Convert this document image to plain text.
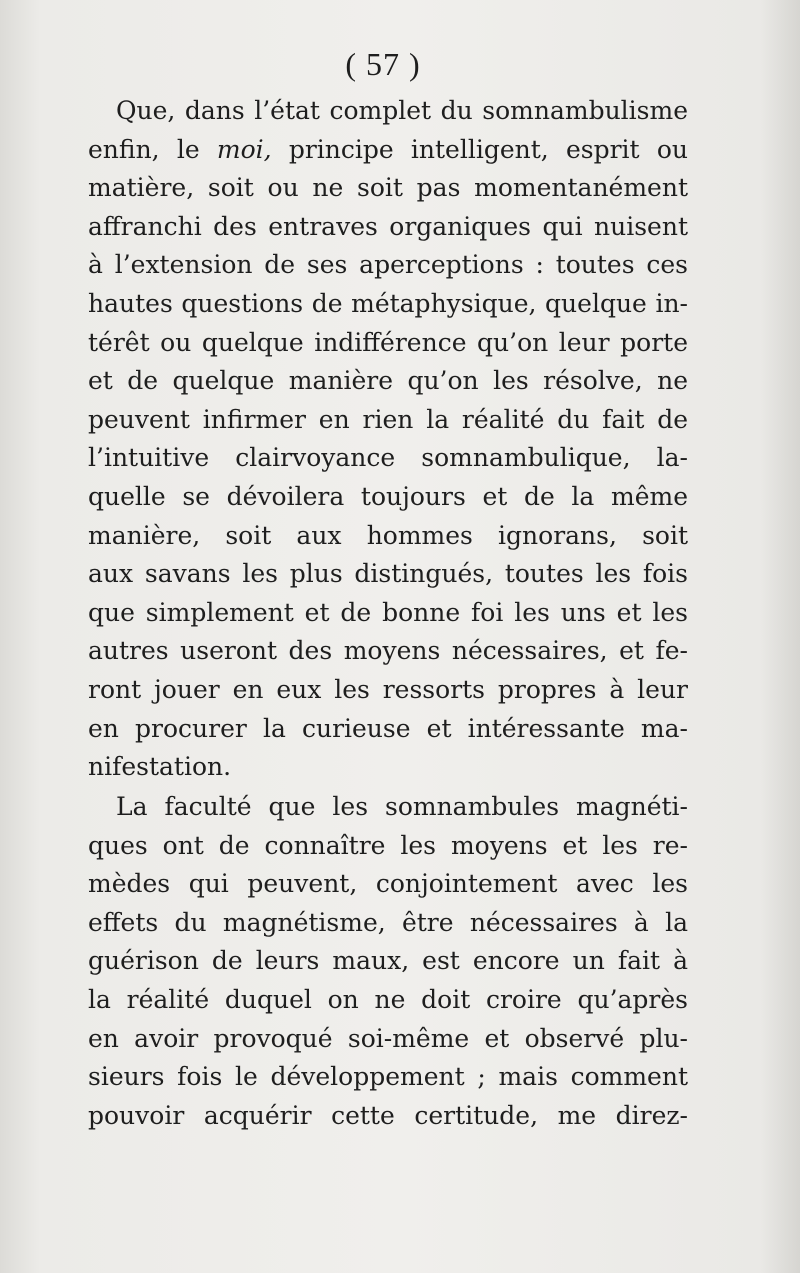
( 57 )
Que, dans l’état complet du somnambulisme
enfin, le moi, principe intelligent, esprit ou
matière, soit ou ne soit pas momentanément
affranchi des entraves organiques qui nuisent
à l’extension de ses aperceptions : toutes ces
hautes questions de métaphysique, quelque in-
térêt ou quelque indifférence qu’on leur porte
et de quelque manière qu’on les résolve, ne
peuvent infirmer en rien la réalité du fait de
l’intuitive clairvoyance somnambulique, la-
quelle se dévoilera toujours et de la même
manière, soit aux hommes ignorans, soit
aux savans les plus distingués, toutes les fois
que simplement et de bonne foi les uns et les
autres useront des moyens nécessaires, et fe-
ront jouer en eux les ressorts propres à leur
en procurer la curieuse et intéressante ma-
nifestation.
La faculté que les somnambules magnéti-
ques ont de connaître les moyens et les re-
mèdes qui peuvent, conjointement avec les
effets du magnétisme, être nécessaires à la
guérison de leurs maux, est encore un fait à
la réalité duquel on ne doit croire qu’après
en avoir provoqué soi-même et observé plu-
sieurs fois le développement ; mais comment
pouvoir acquérir cette certitude, me direz-
